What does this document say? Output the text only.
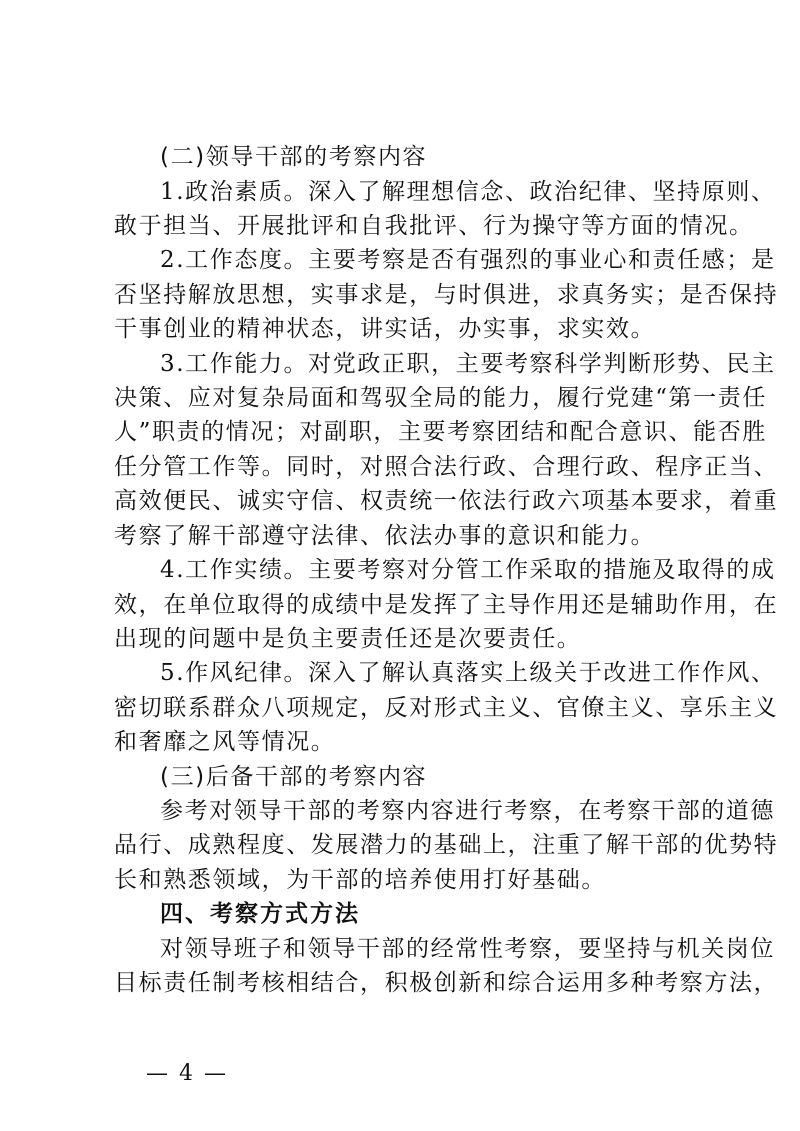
(二)领导干部的考察内容
1.政治素质。深入了解理想信念、政治纪律、坚持原则、
敢于担当、开展批评和自我批评、行为操守等方面的情况。
2.工作态度。主要考察是否有强烈的事业心和责任感；是
否坚持解放思想，实事求是，与时俱进，求真务实；是否保持
干事创业的精神状态，讲实话，办实事，求实效。
3.工作能力。对党政正职，主要考察科学判断形势、民主
决策、应对复杂局面和驾驭全局的能力，履行党建“第一责任
人”职责的情况；对副职，主要考察团结和配合意识、能否胜
任分管工作等。同时，对照合法行政、合理行政、程序正当、
高效便民、诚实守信、权责统一依法行政六项基本要求，着重
考察了解干部遵守法律、依法办事的意识和能力。
4.工作实绩。主要考察对分管工作采取的措施及取得的成
效，在单位取得的成绩中是发挥了主导作用还是辅助作用，在
出现的问题中是负主要责任还是次要责任。
5.作风纪律。深入了解认真落实上级关于改进工作作风、
密切联系群众八项规定，反对形式主义、官僚主义、享乐主义
和奢靡之风等情况。
(三)后备干部的考察内容
参考对领导干部的考察内容进行考察，在考察干部的道德
品行、成熟程度、发展潜力的基础上，注重了解干部的优势特
长和熟悉领域，为干部的培养使用打好基础。
四、考察方式方法
对领导班子和领导干部的经常性考察，要坚持与机关岗位
目标责任制考核相结合，积极创新和综合运用多种考察方法，
— 4 —
